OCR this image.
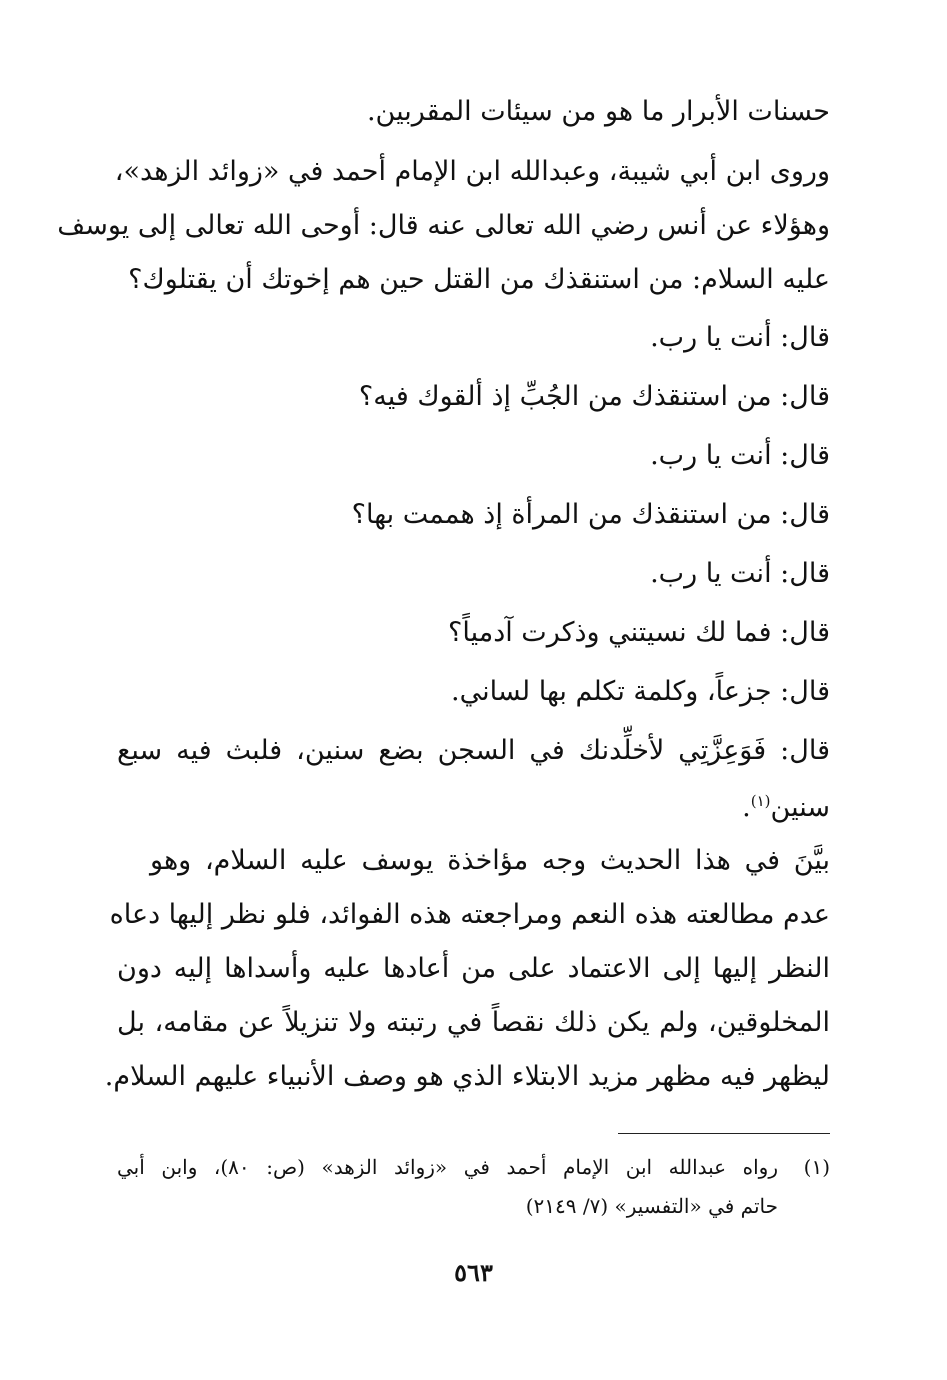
حسنات الأبرار ما هو من سيئات المقربين.
وروى ابن أبي شيبة، وعبدالله ابن الإمام أحمد في «زوائد الزهد»،
وهؤلاء عن أنس رضي الله تعالى عنه قال: أوحى الله تعالى إلى يوسف
عليه السلام: من استنقذك من القتل حين هم إخوتك أن يقتلوك؟
قال: أنت يا رب.
قال: من استنقذك من الجُبِّ إذ ألقوك فيه؟
قال: أنت يا رب.
قال: من استنقذك من المرأة إذ هممت بها؟
قال: أنت يا رب.
قال: فما لك نسيتني وذكرت آدمياً؟
قال: جزعاً، وكلمة تكلم بها لساني.
قال: فَوَعِزَّتِي لأخلِّدنك في السجن بضع سنين، فلبث فيه سبع
سنين$^{(١)}$.
بيَّنَ في هذا الحديث وجه مؤاخذة يوسف عليه السلام، وهو
عدم مطالعته هذه النعم ومراجعته هذه الفوائد، فلو نظر إليها دعاه
النظر إليها إلى الاعتماد على من أعادها عليه وأسداها إليه دون
المخلوقين، ولم يكن ذلك نقصاً في رتبته ولا تنزيلاً عن مقامه، بل
ليظهر فيه مظهر مزيد الابتلاء الذي هو وصف الأنبياء عليهم السلام.
(١)رواه عبدالله ابن الإمام أحمد في «زوائد الزهد» (ص: ٨٠)، وابن أبي
حاتم في «التفسير» (٧/ ٢١٤٩)
٥٦٣
